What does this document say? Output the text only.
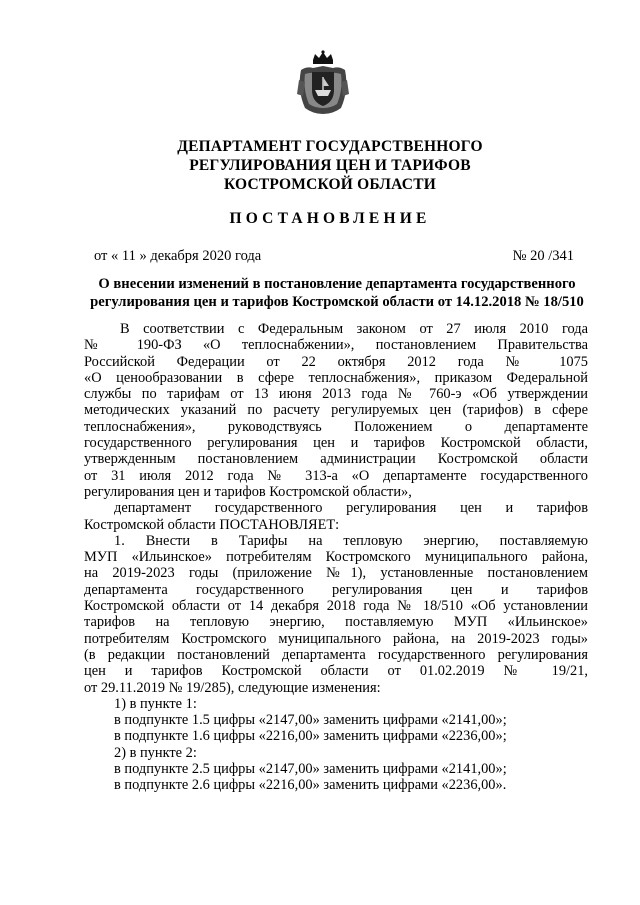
ДЕПАРТАМЕНТ ГОСУДАРСТВЕННОГО
РЕГУЛИРОВАНИЯ ЦЕН И ТАРИФОВ
КОСТРОМСКОЙ ОБЛАСТИ
ПОСТАНОВЛЕНИЕ
от « 11 » декабря 2020 года	№ 20 /341
О внесении изменений в постановление департамента государственного
регулирования цен и тарифов Костромской области от 14.12.2018 № 18/510
В соответствии с Федеральным законом от 27 июля 2010 года
№ 190-ФЗ «О теплоснабжении», постановлением Правительства
Российской Федерации от 22 октября 2012 года № 1075
«О ценообразовании в сфере теплоснабжения», приказом Федеральной
службы по тарифам от 13 июня 2013 года № 760-э «Об утверждении
методических указаний по расчету регулируемых цен (тарифов) в сфере
теплоснабжения», руководствуясь Положением о департаменте
государственного регулирования цен и тарифов Костромской области,
утвержденным постановлением администрации Костромской области
от 31 июля 2012 года № 313-а «О департаменте государственного
регулирования цен и тарифов Костромской области»,
департамент государственного регулирования цен и тарифов
Костромской области ПОСТАНОВЛЯЕТ:
1. Внести в Тарифы на тепловую энергию, поставляемую
МУП «Ильинское» потребителям Костромского муниципального района,
на 2019-2023 годы (приложение №1), установленные постановлением
департамента государственного регулирования цен и тарифов
Костромской области от 14 декабря 2018 года № 18/510 «Об установлении
тарифов на тепловую энергию, поставляемую МУП «Ильинское»
потребителям Костромского муниципального района, на 2019-2023 годы»
(в редакции постановлений департамента государственного регулирования
цен и тарифов Костромской области от 01.02.2019 № 19/21,
от 29.11.2019 № 19/285), следующие изменения:
1) в пункте 1:
в подпункте 1.5 цифры «2147,00» заменить цифрами «2141,00»;
в подпункте 1.6 цифры «2216,00» заменить цифрами «2236,00»;
2) в пункте 2:
в подпункте 2.5 цифры «2147,00» заменить цифрами «2141,00»;
в подпункте 2.6 цифры «2216,00» заменить цифрами «2236,00».
